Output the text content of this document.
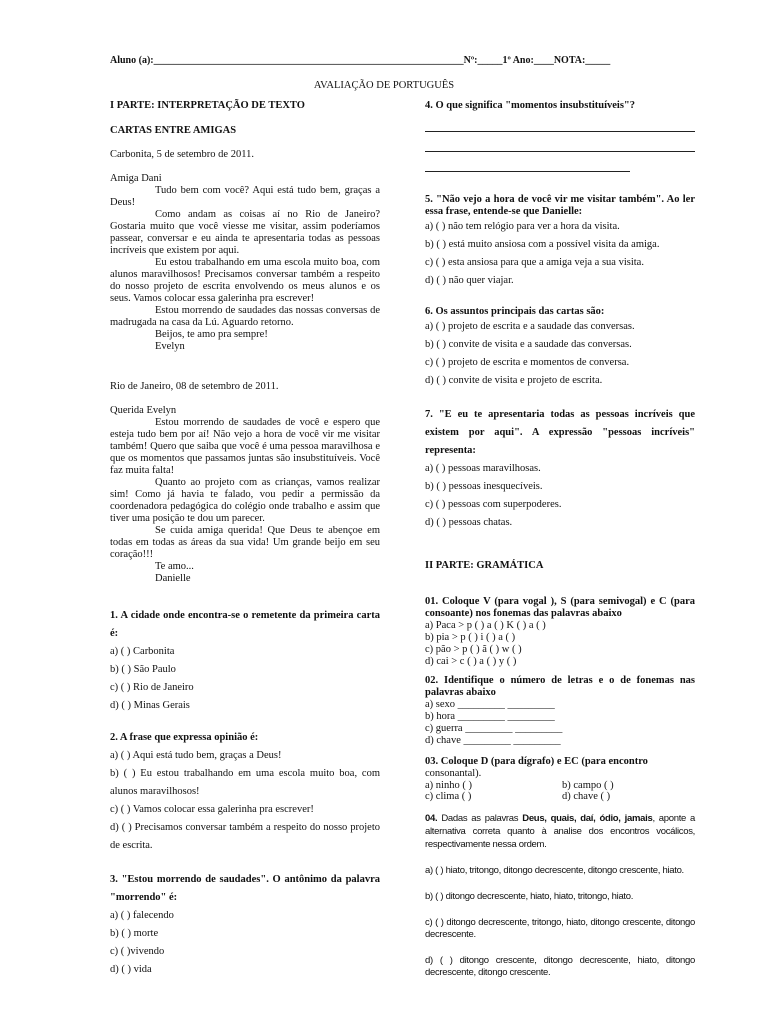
Aluno (a):______________________________________________________________Nº:_____1º Ano:____NOTA:_____
AVALIAÇÃO DE PORTUGUÊS

I PARTE: INTERPRETAÇÃO DE TEXTO

CARTAS ENTRE AMIGAS

Carbonita, 5 de setembro de 2011.

Amiga Dani

Tudo bem com você? Aqui está tudo bem, graças a Deus!

Como andam as coisas aí no Rio de Janeiro? Gostaria muito que você viesse me visitar, assim poderíamos passear, conversar e eu ainda te apresentaria todas as pessoas incríveis que existem por aqui.

Eu estou trabalhando em uma escola muito boa, com alunos maravilhosos! Precisamos conversar também a respeito do nosso projeto de escrita envolvendo os meus alunos e os seus. Vamos colocar essa galerinha pra escrever!

Estou morrendo de saudades das nossas conversas de madrugada na casa da Lú. Aguardo retorno.

Beijos, te amo pra sempre!

Evelyn

Rio de Janeiro, 08 de setembro de 2011.

Querida Evelyn

Estou morrendo de saudades de você e espero que esteja tudo bem por aí! Não vejo a hora de você vir me visitar também! Quero que saiba que você é uma pessoa maravilhosa e que os momentos que passamos juntas são insubstituíveis. Você faz muita falta!

Quanto ao projeto com as crianças, vamos realizar sim! Como já havia te falado, vou pedir a permissão da coordenadora pedagógica do colégio onde trabalho e assim que tiver uma posição te dou um parecer.

Se cuida amiga querida! Que Deus te abençoe em todas em todas as áreas da sua vida! Um grande beijo em seu coração!!!

Te amo...

Danielle

1. A cidade onde encontra-se o remetente da primeira carta é:

a) ( ) Carbonita

b) ( ) São Paulo

c) ( ) Rio de Janeiro

d) ( ) Minas Gerais

2. A frase que expressa opinião é:

a) ( ) Aqui está tudo bem, graças a Deus!

b) ( ) Eu estou trabalhando em uma escola muito boa, com alunos maravilhosos!

c) ( ) Vamos colocar essa galerinha pra escrever!

d) ( ) Precisamos conversar também a respeito do nosso projeto de escrita.

3. "Estou morrendo de saudades". O antônimo da palavra "morrendo" é:

a) ( ) falecendo

b) ( ) morte

c) ( )vivendo

d) ( ) vida

4. O que significa "momentos insubstituíveis"?

5. "Não vejo a hora de você vir me visitar também". Ao ler essa frase, entende-se que Danielle:

a) ( ) não tem relógio para ver a hora da visita.

b) ( ) está muito ansiosa com a possível visita da amiga.

c) ( ) esta ansiosa para que a amiga veja a sua visita.

d) ( ) não quer viajar.

6. Os assuntos principais das cartas são:

a) ( ) projeto de escrita e a saudade das conversas.

b) ( ) convite de visita e a saudade das conversas.

c) ( ) projeto de escrita e momentos de conversa.

d) ( ) convite de visita e projeto de escrita.

7. "E eu te apresentaria todas as pessoas incríveis que existem por aqui". A expressão "pessoas incríveis" representa:

a) ( ) pessoas maravilhosas.

b) ( ) pessoas inesquecíveis.

c) ( ) pessoas com superpoderes.

d) ( ) pessoas chatas.

II PARTE: GRAMÁTICA

01. Coloque V (para vogal ), S (para semivogal) e C (para consoante) nos fonemas das palavras abaixo

a) Paca > p ( ) a ( ) K ( ) a ( )

b) pia > p ( ) i ( ) a ( )

c) pão > p ( ) ã ( ) w ( )

d) cai > c ( ) a ( ) y ( )

02. Identifique o número de letras e o de fonemas nas palavras abaixo

a) sexo _________ _________

b) hora _________ _________

c) guerra _________ _________

d) chave _________ _________

03. Coloque D (para dígrafo) e EC (para encontro

consonantal).

a) ninho ( )	b) campo ( )
c) clima ( )	d) chave ( )

04. Dadas as palavras Deus, quais, daí, ódio, jamais, aponte a alternativa correta quanto à analise dos encontros vocálicos, respectivamente nessa ordem.

a) ( ) hiato, tritongo, ditongo decrescente, ditongo crescente, hiato.

b) ( ) ditongo decrescente, hiato, hiato, tritongo, hiato.

c) ( ) ditongo decrescente, tritongo, hiato, ditongo crescente, ditongo decrescente.

d) ( ) ditongo crescente, ditongo decrescente, hiato, ditongo decrescente, ditongo crescente.
